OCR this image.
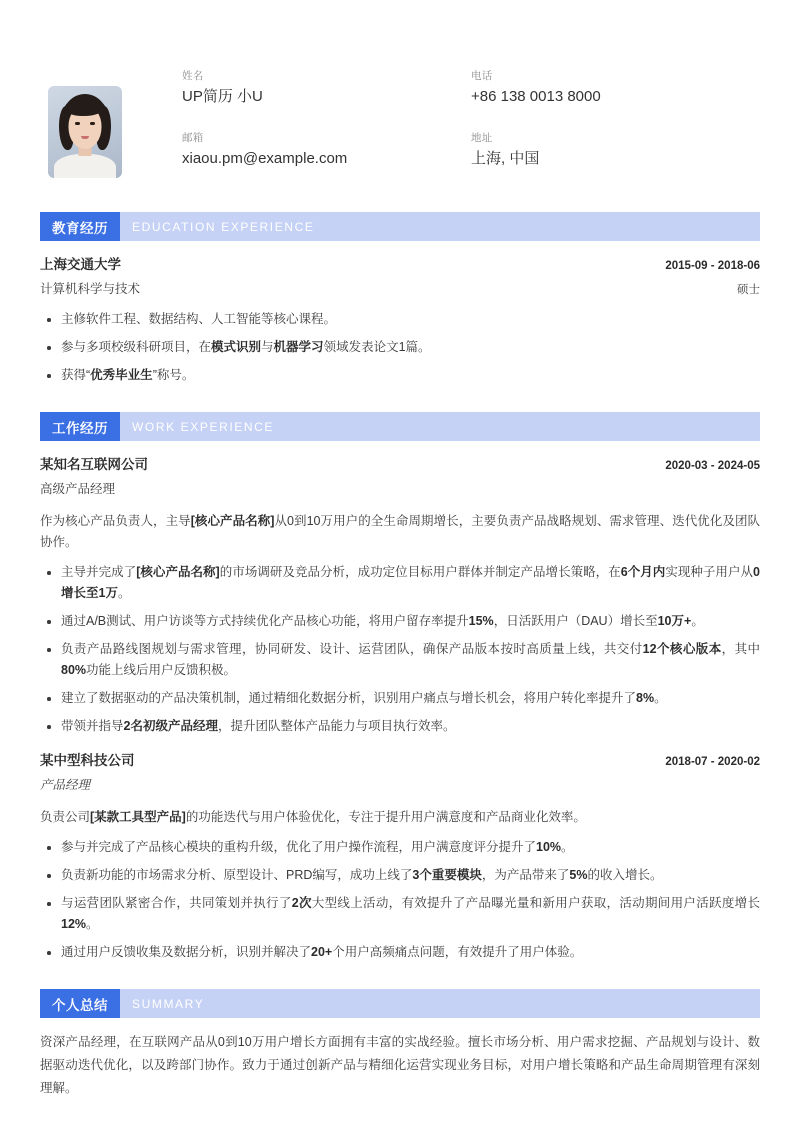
姓名
UP简历 小U
邮箱
xiaou.pm@example.com
电话
+86 138 0013 8000
地址
上海, 中国
教育经历	EDUCATION EXPERIENCE
上海交通大学	2015-09 - 2018-06
计算机科学与技术	硕士
主修软件工程、数据结构、人工智能等核心课程。
参与多项校级科研项目，在模式识别与机器学习领域发表论文1篇。
获得“优秀毕业生”称号。
工作经历	WORK EXPERIENCE
某知名互联网公司	2020-03 - 2024-05
高级产品经理
作为核心产品负责人，主导[核心产品名称]从0到10万用户的全生命周期增长，主要负责产品战略规划、需求管理、迭代优化及团队协作。
主导并完成了[核心产品名称]的市场调研及竞品分析，成功定位目标用户群体并制定产品增长策略，在6个月内实现种子用户从0增长至1万。
通过A/B测试、用户访谈等方式持续优化产品核心功能，将用户留存率提升15%，日活跃用户（DAU）增长至10万+。
负责产品路线图规划与需求管理，协同研发、设计、运营团队，确保产品版本按时高质量上线，共交付12个核心版本，其中80%功能上线后用户反馈积极。
建立了数据驱动的产品决策机制，通过精细化数据分析，识别用户痛点与增长机会，将用户转化率提升了8%。
带领并指导2名初级产品经理，提升团队整体产品能力与项目执行效率。
某中型科技公司	2018-07 - 2020-02
产品经理
负责公司[某款工具型产品]的功能迭代与用户体验优化，专注于提升用户满意度和产品商业化效率。
参与并完成了产品核心模块的重构升级，优化了用户操作流程，用户满意度评分提升了10%。
负责新功能的市场需求分析、原型设计、PRD编写，成功上线了3个重要模块，为产品带来了5%的收入增长。
与运营团队紧密合作，共同策划并执行了2次大型线上活动，有效提升了产品曝光量和新用户获取，活动期间用户活跃度增长12%。
通过用户反馈收集及数据分析，识别并解决了20+个用户高频痛点问题，有效提升了用户体验。
个人总结	SUMMARY
资深产品经理，在互联网产品从0到10万用户增长方面拥有丰富的实战经验。擅长市场分析、用户需求挖掘、产品规划与设计、数据驱动迭代优化，以及跨部门协作。致力于通过创新产品与精细化运营实现业务目标，对用户增长策略和产品生命周期管理有深刻理解。
